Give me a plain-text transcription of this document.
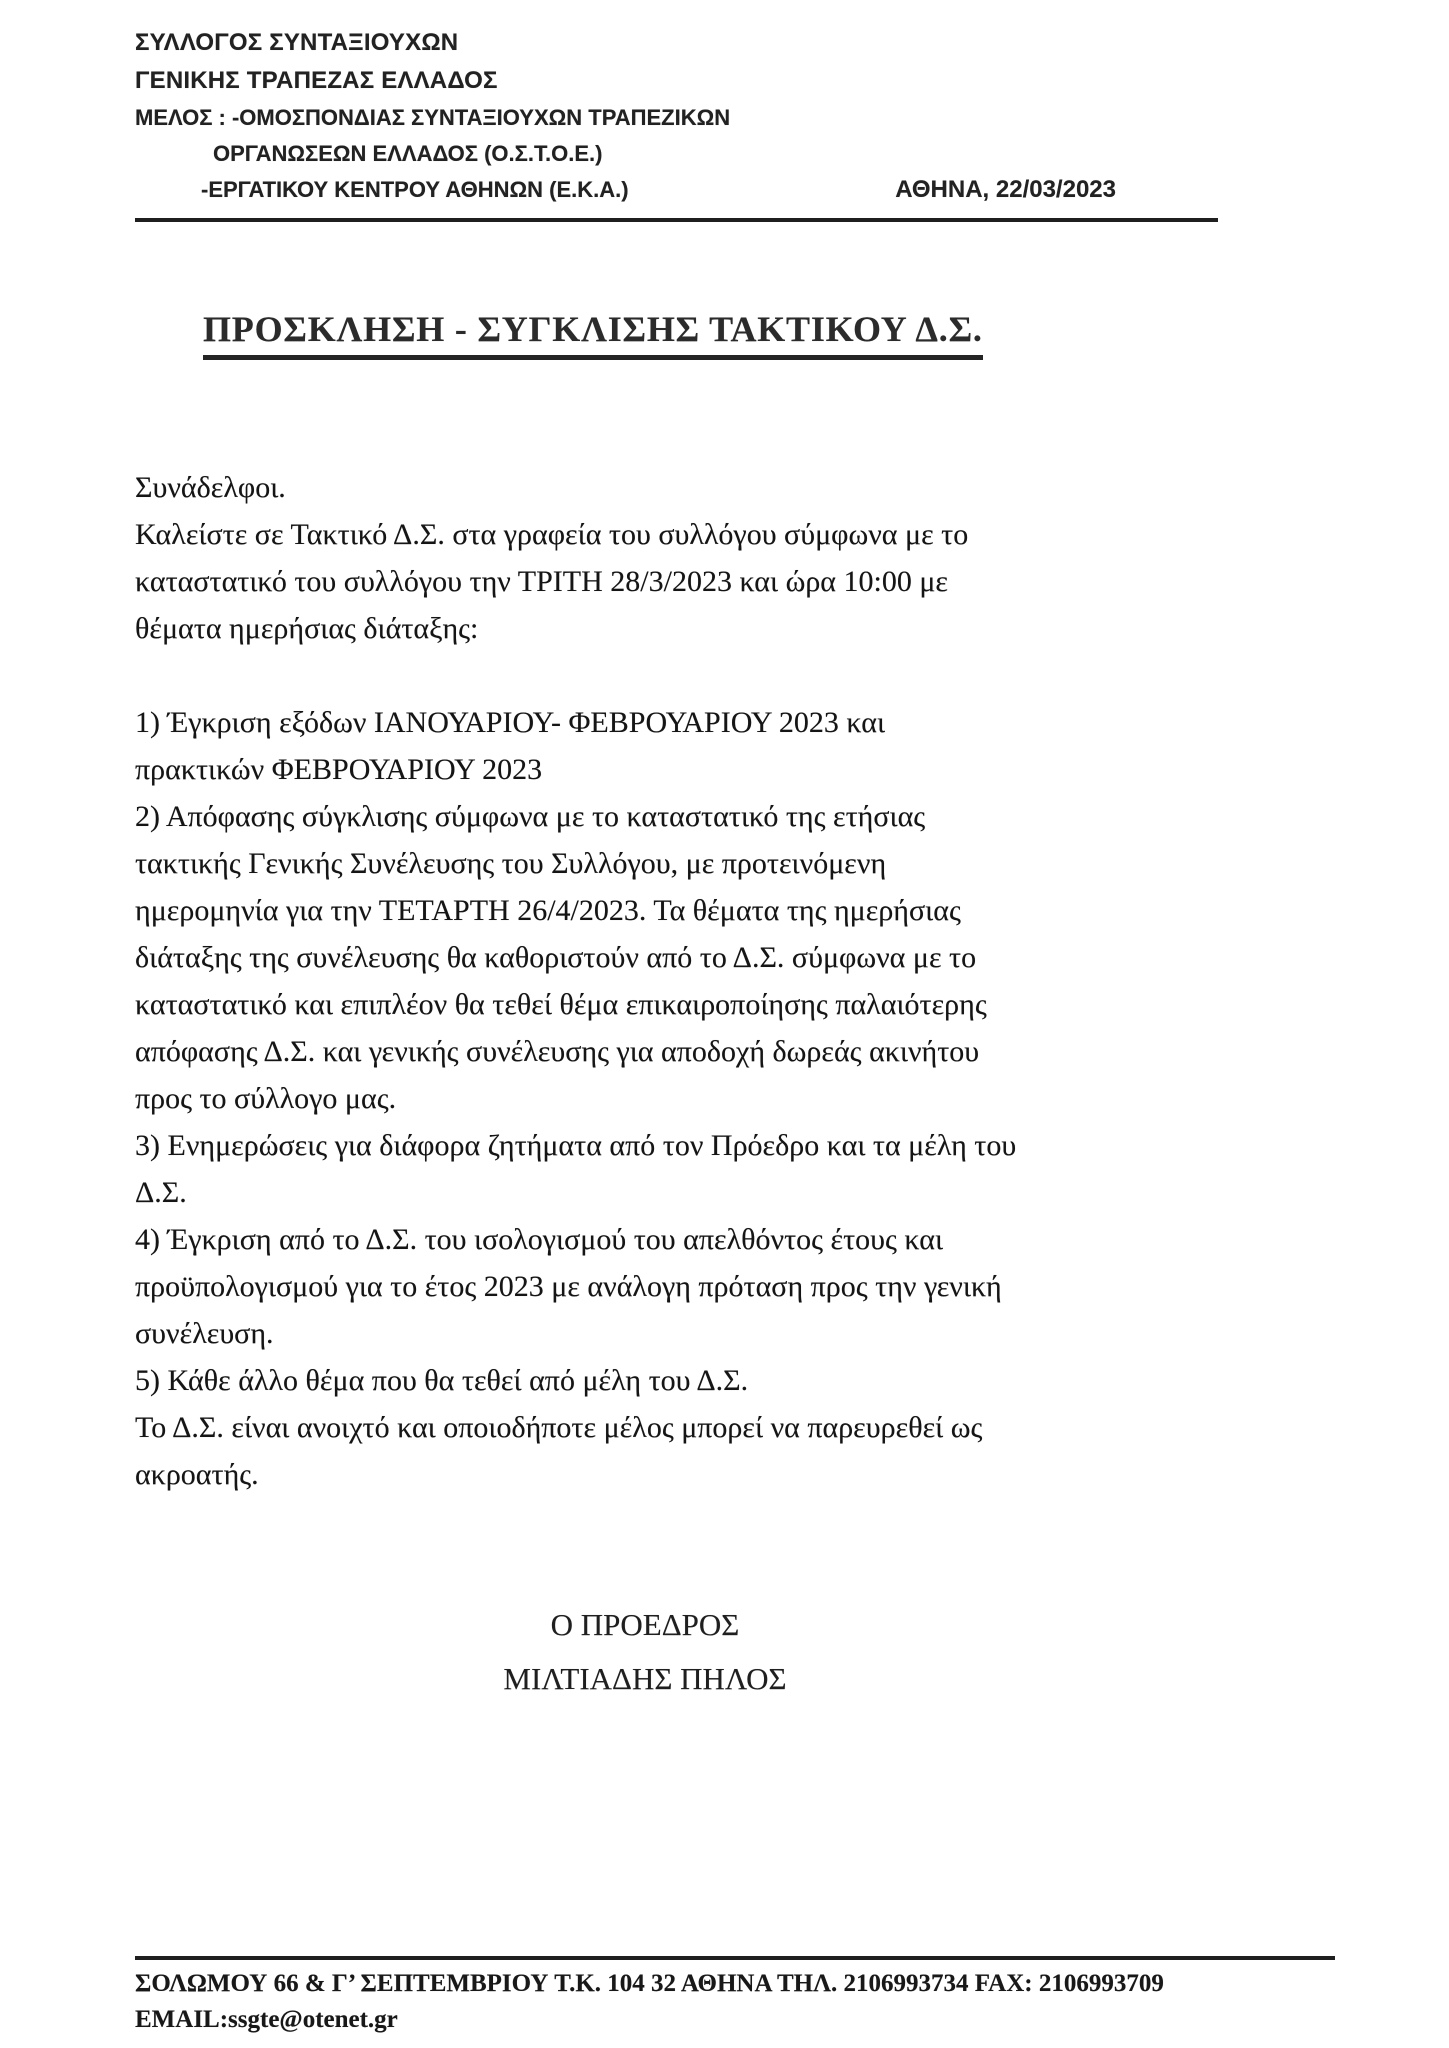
ΣΥΛΛΟΓΟΣ ΣΥΝΤΑΞΙΟΥΧΩΝ
ΓΕΝΙΚΗΣ ΤΡΑΠΕΖΑΣ ΕΛΛΑΔΟΣ
ΜΕΛΟΣ : -ΟΜΟΣΠΟΝΔΙΑΣ ΣΥΝΤΑΞΙΟΥΧΩΝ ΤΡΑΠΕΖΙΚΩΝ
ΟΡΓΑΝΩΣΕΩΝ ΕΛΛΑΔΟΣ (Ο.Σ.Τ.Ο.Ε.)
-ΕΡΓΑΤΙΚΟΥ ΚΕΝΤΡΟΥ ΑΘΗΝΩΝ (Ε.Κ.Α.)	ΑΘΗΝΑ, 22/03/2023
ΠΡΟΣΚΛΗΣΗ - ΣΥΓΚΛΙΣΗΣ ΤΑΚΤΙΚΟΥ Δ.Σ.
Συνάδελφοι.
Καλείστε σε Τακτικό Δ.Σ. στα γραφεία του συλλόγου σύμφωνα με το
καταστατικό του συλλόγου την ΤΡΙΤΗ 28/3/2023 και ώρα 10:00 με
θέματα ημερήσιας διάταξης:

1) Έγκριση εξόδων ΙΑΝΟΥΑΡΙΟΥ- ΦΕΒΡΟΥΑΡΙΟΥ 2023 και
πρακτικών ΦΕΒΡΟΥΑΡΙΟΥ 2023
2) Απόφασης σύγκλισης σύμφωνα με το καταστατικό της ετήσιας
τακτικής Γενικής Συνέλευσης του Συλλόγου, με προτεινόμενη
ημερομηνία για την ΤΕΤΑΡΤΗ 26/4/2023. Τα θέματα της ημερήσιας
διάταξης της συνέλευσης θα καθοριστούν από το Δ.Σ. σύμφωνα με το
καταστατικό και επιπλέον θα τεθεί θέμα επικαιροποίησης παλαιότερης
απόφασης Δ.Σ. και γενικής συνέλευσης για αποδοχή δωρεάς ακινήτου
προς το σύλλογο μας.
3) Ενημερώσεις για διάφορα ζητήματα από τον Πρόεδρο και τα μέλη του
Δ.Σ.
4) Έγκριση από το Δ.Σ. του ισολογισμού του απελθόντος έτους και
προϋπολογισμού για το έτος 2023 με ανάλογη πρόταση προς την γενική
συνέλευση.
5) Κάθε άλλο θέμα που θα τεθεί από μέλη του Δ.Σ.
Το Δ.Σ. είναι ανοιχτό και οποιοδήποτε μέλος μπορεί να παρευρεθεί ως
ακροατής.
Ο ΠΡΟΕΔΡΟΣ
ΜΙΛΤΙΑΔΗΣ ΠΗΛΟΣ
ΣΟΛΩΜΟΥ 66 & Γ’ ΣΕΠΤΕΜΒΡΙΟΥ Τ.Κ. 104 32 ΑΘΗΝΑ ΤΗΛ. 2106993734 FAX: 2106993709
EMAIL:ssgte@otenet.gr
